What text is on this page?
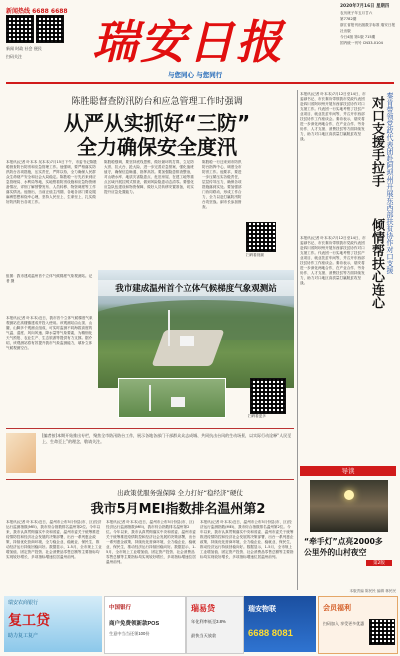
新闻热线 6688 6688
新闻 时政 社会 便民
扫码关注	瑞安日报
与您同心 与您同行
2020年7月16日 星期四
农历庚子年五月廿六
第7782期
浙江省报刊出版数字标准 瑞安日报社出版
今日4版 第1版 715期
国内统一刊号 CN33-0104
陈胜聪督查防汛防台和应急管理工作时强调
从严从实抓好“三防”
全力确保安全度汛
本报讯(记者 叶本本 吴本本)7月15日下午，市委书记陈胜聪督查防台防汛和应急管理工作。他强调，要严格落实防汛防台各项措施，压实责任，严阵以待，全力确保人民群众生命财产安全和社会大局稳定。陈胜聪一行先后来到应急管理局、水利局等地，实地察看防汛设施和应急物资储备情况，详细了解预警发布、人员转移、物资调度等工作落实情况。他指出，当前正值主汛期，各地各部门要克服麻痹思想和侥幸心理，坚持人民至上、生命至上，扎实做好防汛防台各项工作。
陈胜聪强调，要坚持底线思维，做好最坏的打算，立足防大汛、抗大台、抢大险，进一步完善应急预案，强化值班值守，确保信息畅通、指挥高效。要加强隐患排查整治，对山塘水库、地质灾害隐患点、危旧房屋、在建工地等重点区域开展拉网式排查，做到风险隐患动态清零。要强化应急队伍建设和物资保障，做好人员转移安置准备，切实提升应急处置能力。
陈胜聪一行还来到市防汛防台指挥中心，调度全市防汛工作。他要求，要进一步压紧压实各级责任，层层传导压力，确保各项措施落到实处。要加强部门协同联动，形成工作合力，全力以赴打赢防汛防台攻坚战。副市长参加督查。
扫码看视频
组图：我市建成温州首个立体气候梯度气象观测站。记者 摄
本报讯(记者 叶本本)近日，我市首个立体气候梯度气象观测站在高楼镇建成并投入使用。该观测站由山顶、山腰、山脚多个观测点组成，可实时监测不同海拔高度的气温、湿度、风向风速、降水量等气象要素，为精细化天气预报、农业生产、生态旅游等提供有力支撑。据介绍，该观测站将有效提升我市气象监测能力，填补立体气候观测空白。
我市建成温州首个立体气候梯度气象观测站
扫码看更多
[编者按]本期开始推出专栏，聚焦全市防汛防台工作，展示各地各部门干部群众众志成城、共同抗击台风的生动场景，以实际行动诠释“人民至上、生命至上”的理念，敬请关注。
出政策优服务强保障 全力打好“稳经济”硬仗
我市5月MEI指数排名温州第2
本报讯(记者 叶本本)近日，温州市公布5月份县(市、区)经济运行监测指数(MEI)，我市综合指数排名温州第2位。今年以来，我市认真贯彻落实中央和省委、温州市委关于统筹推进疫情防控和经济社会发展的决策部署，出台一系列惠企政策，持续优化营商环境，全力稳企业、稳就业、保民生，推动经济运行持续回稳向好。数据显示，1-5月，全市规上工业增加值、固定资产投资、社会消费品零售总额等主要指标均实现较好增长，多项指标增速位居温州前列。
本报讯(记者 叶本本)近日，温州市公布5月份县(市、区)经济运行监测指数(MEI)，我市综合指数排名温州第2位。今年以来，我市认真贯彻落实中央和省委、温州市委关于统筹推进疫情防控和经济社会发展的决策部署，出台一系列惠企政策，持续优化营商环境，全力稳企业、稳就业、保民生，推动经济运行持续回稳向好。数据显示，1-5月，全市规上工业增加值、固定资产投资、社会消费品零售总额等主要指标均实现较好增长，多项指标增速位居温州前列。
本报讯(记者 叶本本)近日，温州市公布5月份县(市、区)经济运行监测指数(MEI)，我市综合指数排名温州第2位。今年以来，我市认真贯彻落实中央和省委、温州市委关于统筹推进疫情防控和经济社会发展的决策部署，出台一系列惠企政策，持续优化营商环境，全力稳企业、稳就业、保民生，推动经济运行持续回稳向好。数据显示，1-5月，全市规上工业增加值、固定资产投资、社会消费品零售总额等主要指标均实现较好增长，多项指标增速位居温州前列。
本报讯(记者 叶本本)7月12日至14日，市委副书记、市长秦肯带领我市党政代表团赴四川省阿坝州开展东西部扶贫协作对口支援工作。代表团一行实地考察了扶贫产业项目、就业扶贫车间等，并召开东西部扶贫协作工作座谈会。秦肯表示，瑞安将进一步深化两地合作，在产业合作、劳务协作、人才支援、消费扶贫等方面持续发力，助力对口地区高质量打赢脱贫攻坚战。	秦肯带领党政代表团赴阿坝州开展东西部扶贫协作对口支援
对口支援手拉手
倾情帮扶心连心
本报讯(记者 叶本本)7月12日至14日，市委副书记、市长秦肯带领我市党政代表团赴四川省阿坝州开展东西部扶贫协作对口支援工作。代表团一行实地考察了扶贫产业项目、就业扶贫车间等，并召开东西部扶贫协作工作座谈会。秦肯表示，瑞安将进一步深化两地合作，在产业合作、劳务协作、人才支援、消费扶贫等方面持续发力，助力对口地区高质量打赢脱贫攻坚战。
导读
“牵手灯”点亮2000多
公里外的山村夜空
第2版
本版责编 陈民民 编辑 林民民
瑞安农商银行
复工贷
助力复工复产
中国银行
商户免费领新款POS
生意中当当还领100份
瑞易贷
年化利率低至3.8%
最快当天放款
瑞安物联
6688 8081
会员福利
扫码加入 享受更多优惠
